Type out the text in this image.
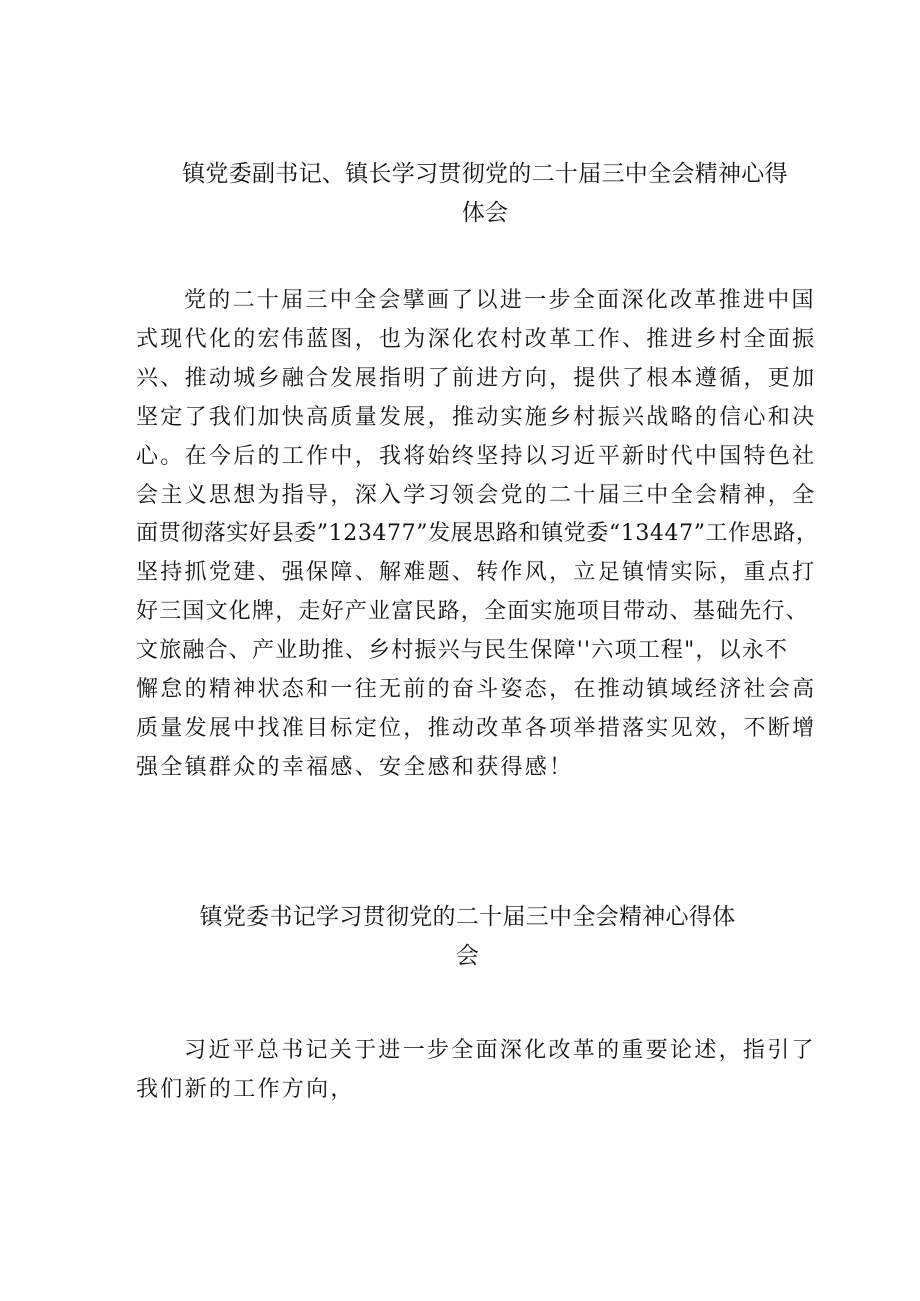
镇党委副书记、镇长学习贯彻党的二十届三中全会精神心得
体会
党的二十届三中全会擘画了以进一步全面深化改革推进中国
式现代化的宏伟蓝图，也为深化农村改革工作、推进乡村全面振
兴、推动城乡融合发展指明了前进方向，提供了根本遵循，更加
坚定了我们加快高质量发展，推动实施乡村振兴战略的信心和决
心。在今后的工作中，我将始终坚持以习近平新时代中国特色社
会主义思想为指导，深入学习领会党的二十届三中全会精神，全
面贯彻落实好县委”123477”发展思路和镇党委“13447”工作思路，
坚持抓党建、强保障、解难题、转作风，立足镇情实际，重点打
好三国文化牌，走好产业富民路，全面实施项目带动、基础先行、
文旅融合、产业助推、乡村振兴与民生保障''六项工程"，以永不
懈怠的精神状态和一往无前的奋斗姿态，在推动镇域经济社会高
质量发展中找准目标定位，推动改革各项举措落实见效，不断增
强全镇群众的幸福感、安全感和获得感！
镇党委书记学习贯彻党的二十届三中全会精神心得体
会
习近平总书记关于进一步全面深化改革的重要论述，指引了
我们新的工作方向，
